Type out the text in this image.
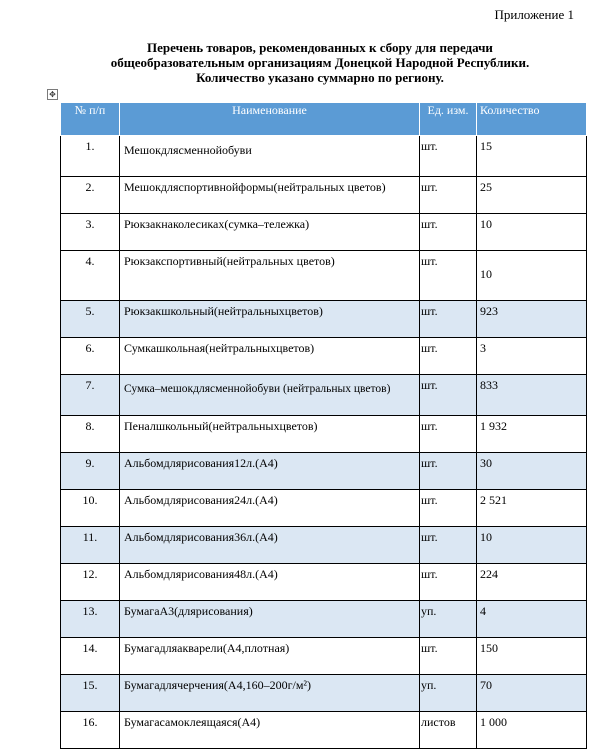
Приложение 1
Перечень товаров, рекомендованных к сбору для передачи
общеобразовательным организациям Донецкой Народной Республики.
Количество указано суммарно по региону.
✥
№ п/п	Наименование	Ед. изм.	Количество
1.	Мешокдлясменнойобуви	шт.	15
2.	Мешокдляспортивнойформы(нейтральных цветов)	шт.	25
3.	Рюкзакнаколесиках(сумка–тележка)	шт.	10
4.	Рюкзакспортивный(нейтральных цветов)	шт.	10
5.	Рюкзакшкольный(нейтральныхцветов)	шт.	923
6.	Сумкашкольная(нейтральныхцветов)	шт.	3
7.	Сумка–мешокдлясменнойобуви (нейтральных цветов)	шт.	833
8.	Пеналшкольный(нейтральныхцветов)	шт.	1 932
9.	Альбомдлярисования12л.(А4)	шт.	30
10.	Альбомдлярисования24л.(А4)	шт.	2 521
11.	Альбомдлярисования36л.(А4)	шт.	10
12.	Альбомдлярисования48л.(А4)	шт.	224
13.	БумагаА3(длярисования)	уп.	4
14.	Бумагадляакварели(А4,плотная)	шт.	150
15.	Бумагадлячерчения(А4,160–200г/м²)	уп.	70
16.	Бумагасамоклеящаяся(А4)	листов	1 000
